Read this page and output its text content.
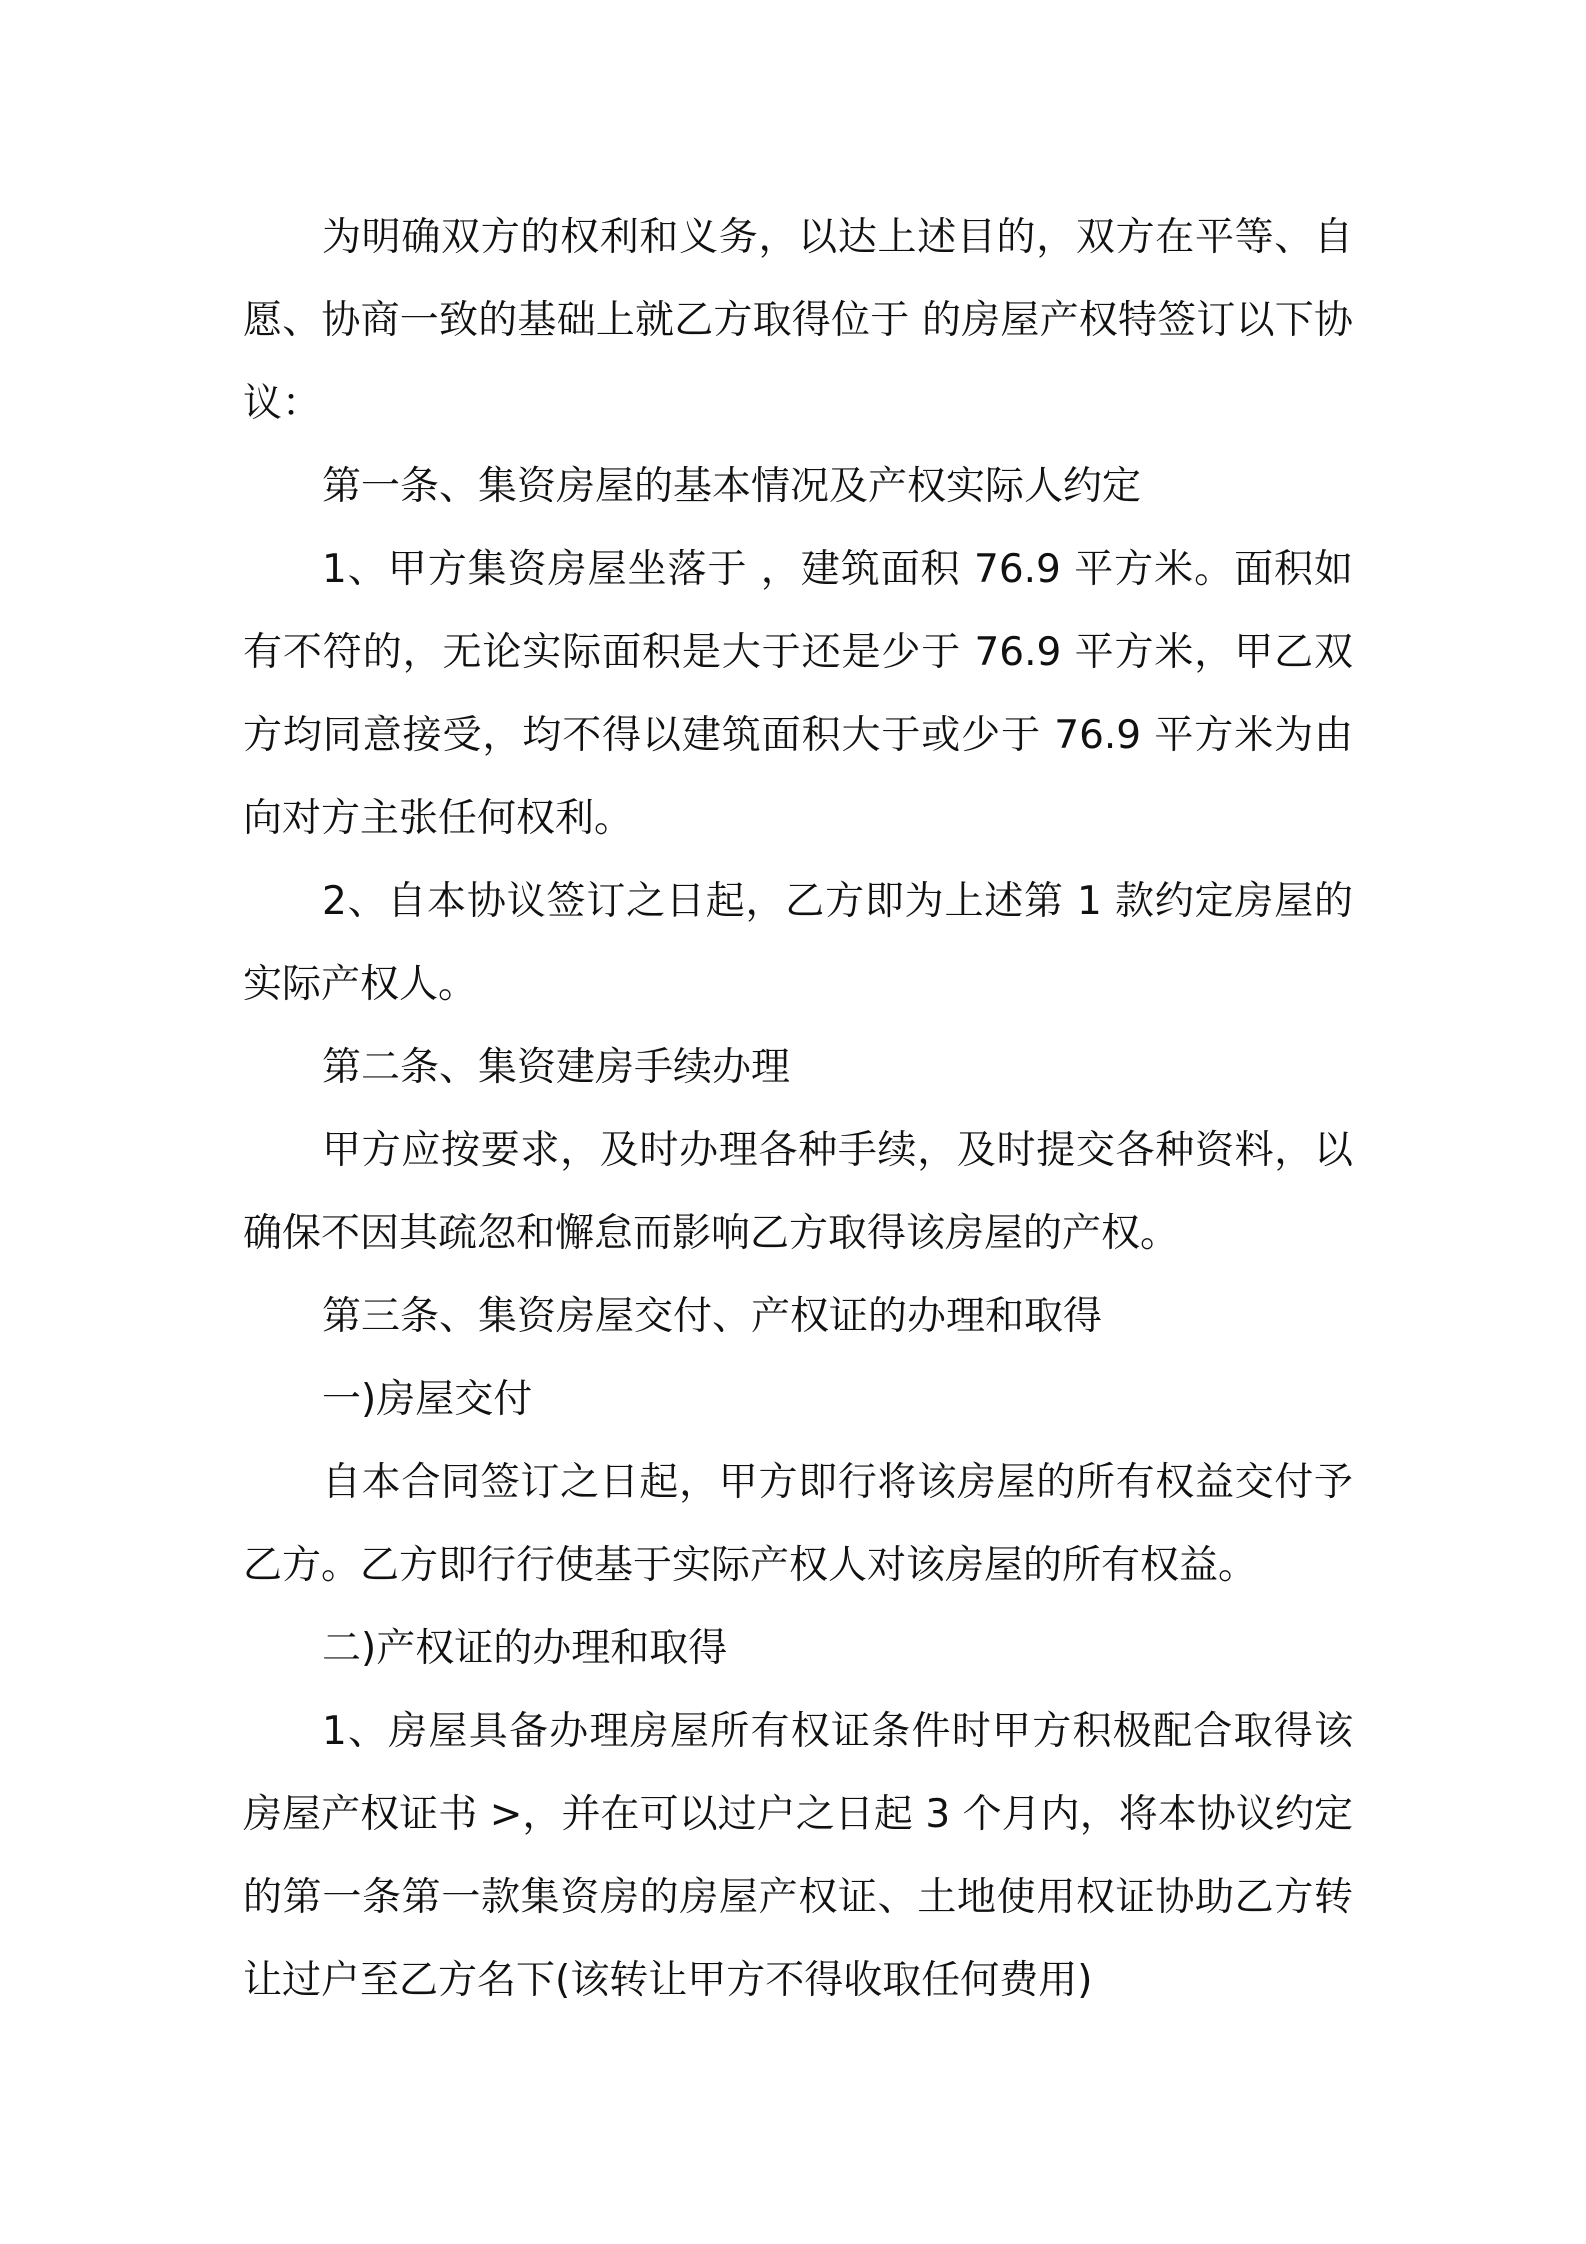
为明确双方的权利和义务，以达上述目的，双方在平等、自愿、协商一致的基础上就乙方取得位于 的房屋产权特签订以下协议：

第一条、集资房屋的基本情况及产权实际人约定

1、甲方集资房屋坐落于 ，建筑面积 76.9 平方米。面积如有不符的，无论实际面积是大于还是少于 76.9 平方米，甲乙双方均同意接受，均不得以建筑面积大于或少于 76.9 平方米为由向对方主张任何权利。

2、自本协议签订之日起，乙方即为上述第 1 款约定房屋的实际产权人。

第二条、集资建房手续办理

甲方应按要求，及时办理各种手续，及时提交各种资料，以确保不因其疏忽和懈怠而影响乙方取得该房屋的产权。

第三条、集资房屋交付、产权证的办理和取得

一)房屋交付

自本合同签订之日起，甲方即行将该房屋的所有权益交付予乙方。乙方即行行使基于实际产权人对该房屋的所有权益。

二)产权证的办理和取得

1、房屋具备办理房屋所有权证条件时甲方积极配合取得该房屋产权证书 >，并在可以过户之日起 3 个月内，将本协议约定的第一条第一款集资房的房屋产权证、土地使用权证协助乙方转让过户至乙方名下(该转让甲方不得收取任何费用)
